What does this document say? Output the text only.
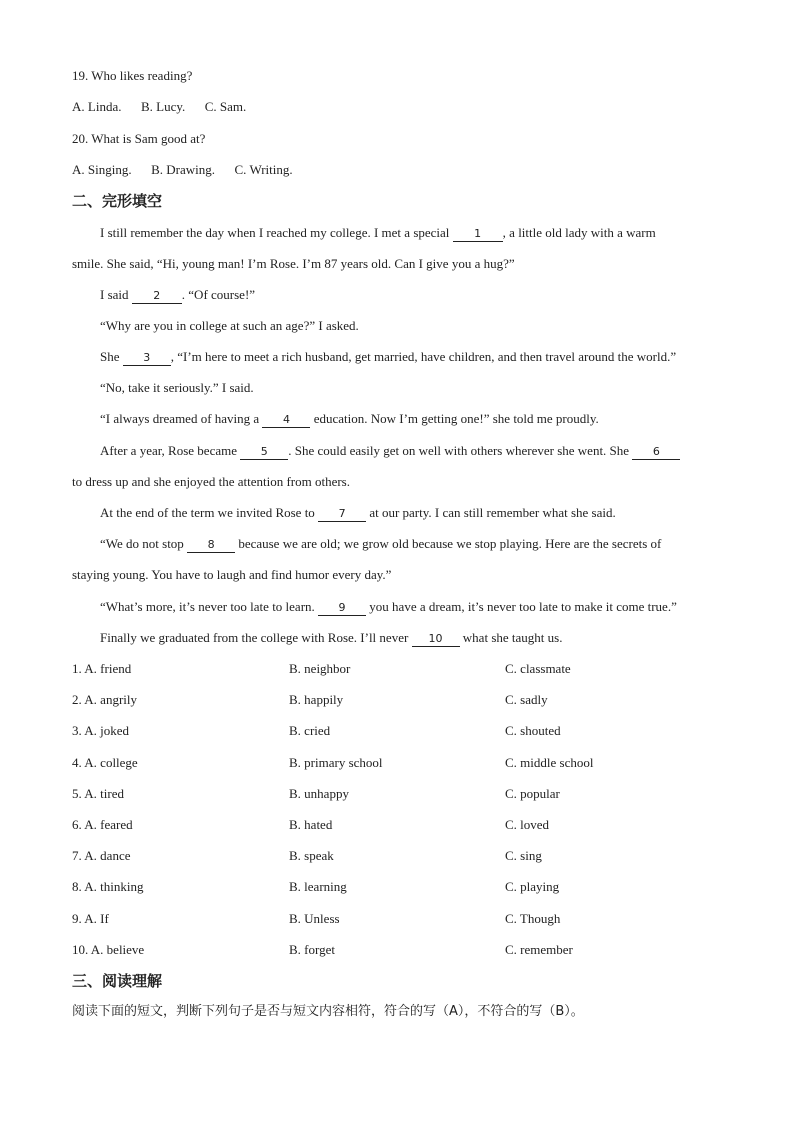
19. Who likes reading?
A. Linda. B. Lucy. C. Sam.
20. What is Sam good at?
A. Singing. B. Drawing. C. Writing.
二、完形填空
I still remember the day when I reached my college. I met a special 1 , a little old lady with a warm
smile. She said, “Hi, young man! I’m Rose. I’m 87 years old. Can I give you a hug?”
I said 2 . “Of course!”
“Why are you in college at such an age?” I asked.
She 3 , “I’m here to meet a rich husband, get married, have children, and then travel around the world.”
“No, take it seriously.” I said.
“I always dreamed of having a 4 education. Now I’m getting one!” she told me proudly.
After a year, Rose became 5 . She could easily get on well with others wherever she went. She 6
to dress up and she enjoyed the attention from others.
At the end of the term we invited Rose to 7 at our party. I can still remember what she said.
“We do not stop 8 because we are old; we grow old because we stop playing. Here are the secrets of
staying young. You have to laugh and find humor every day.”
“What’s more, it’s never too late to learn. 9 you have a dream, it’s never too late to make it come true.”
Finally we graduated from the college with Rose. I’ll never 10 what she taught us.
1. A. friend	B. neighbor	C. classmate
2. A. angrily	B. happily	C. sadly
3. A. joked	B. cried	C. shouted
4. A. college	B. primary school	C. middle school
5. A. tired	B. unhappy	C. popular
6. A. feared	B. hated	C. loved
7. A. dance	B. speak	C. sing
8. A. thinking	B. learning	C. playing
9. A. If	B. Unless	C. Though
10. A. believe	B. forget	C. remember
三、阅读理解
阅读下面的短文，判断下列句子是否与短文内容相符，符合的写（A），不符合的写（B）。
